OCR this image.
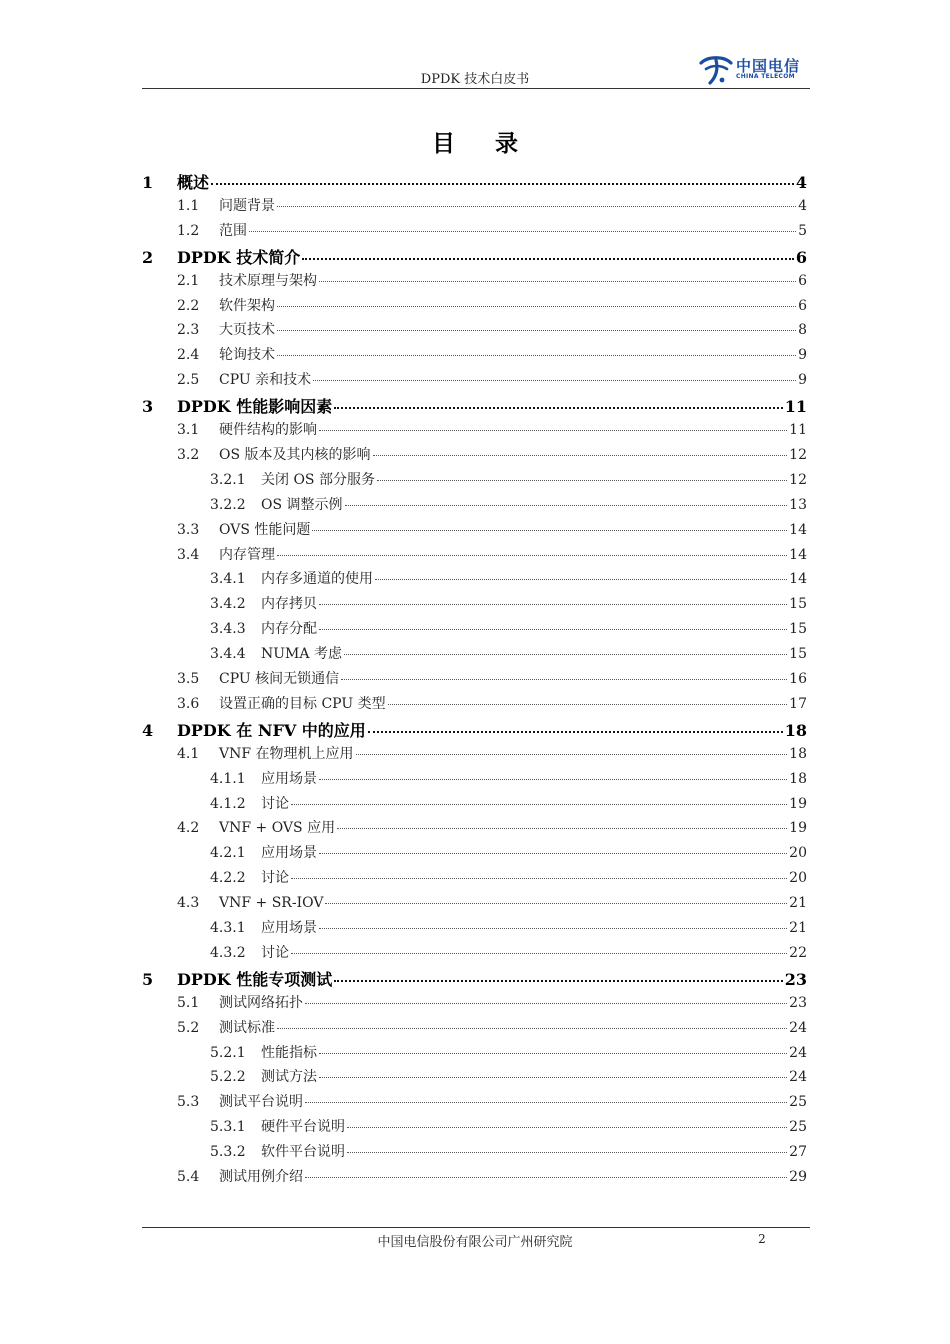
DPDK 技术白皮书
中国电信
CHINA TELECOM
目 录
1	概述	4
1.1	问题背景	4
1.2	范围	5
2	DPDK 技术简介	6
2.1	技术原理与架构	6
2.2	软件架构	6
2.3	大页技术	8
2.4	轮询技术	9
2.5	CPU 亲和技术	9
3	DPDK 性能影响因素	11
3.1	硬件结构的影响	11
3.2	OS 版本及其内核的影响	12
3.2.1	关闭 OS 部分服务	12
3.2.2	OS 调整示例	13
3.3	OVS 性能问题	14
3.4	内存管理	14
3.4.1	内存多通道的使用	14
3.4.2	内存拷贝	15
3.4.3	内存分配	15
3.4.4	NUMA 考虑	15
3.5	CPU 核间无锁通信	16
3.6	设置正确的目标 CPU 类型	17
4	DPDK 在 NFV 中的应用	18
4.1	VNF 在物理机上应用	18
4.1.1	应用场景	18
4.1.2	讨论	19
4.2	VNF + OVS 应用	19
4.2.1	应用场景	20
4.2.2	讨论	20
4.3	VNF + SR-IOV	21
4.3.1	应用场景	21
4.3.2	讨论	22
5	DPDK 性能专项测试	23
5.1	测试网络拓扑	23
5.2	测试标准	24
5.2.1	性能指标	24
5.2.2	测试方法	24
5.3	测试平台说明	25
5.3.1	硬件平台说明	25
5.3.2	软件平台说明	27
5.4	测试用例介绍	29
中国电信股份有限公司广州研究院	2
